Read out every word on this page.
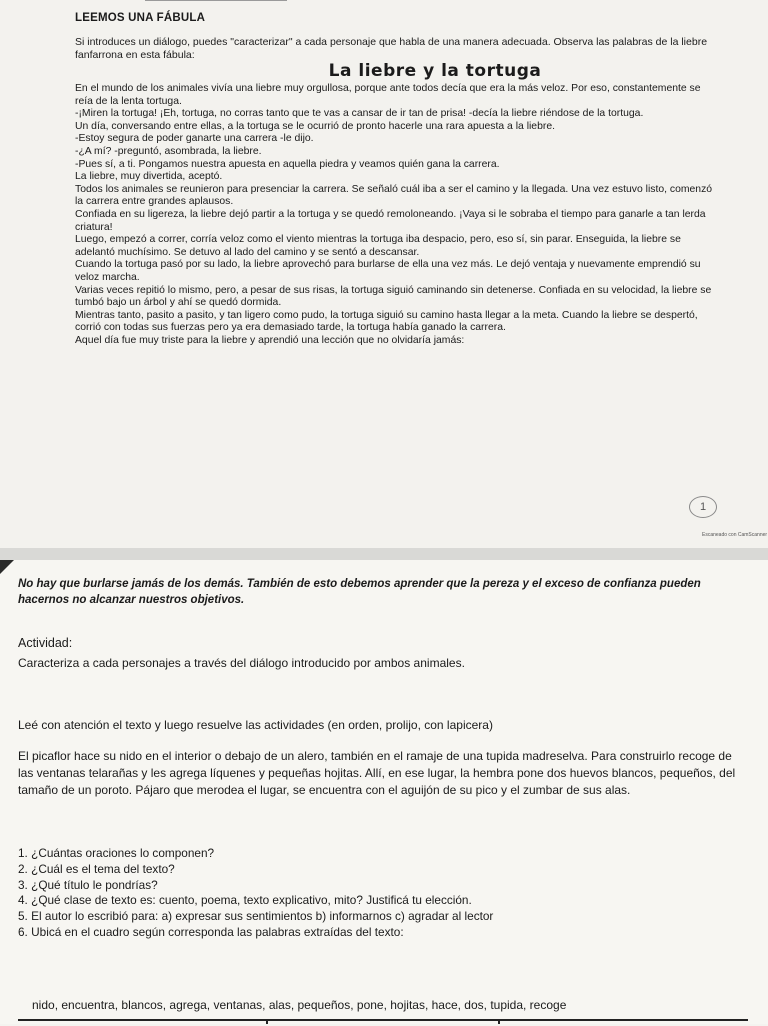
LEEMOS UNA FÁBULA

Si introduces un diálogo, puedes "caracterizar" a cada personaje que habla de una manera adecuada. Observa las palabras de la liebre fanfarrona en esta fábula:

La liebre y la tortuga

En el mundo de los animales vivía una liebre muy orgullosa, porque ante todos decía que era la más veloz. Por eso, constantemente se reía de la lenta tortuga.

-¡Miren la tortuga! ¡Eh, tortuga, no corras tanto que te vas a cansar de ir tan de prisa! -decía la liebre riéndose de la tortuga.

Un día, conversando entre ellas, a la tortuga se le ocurrió de pronto hacerle una rara apuesta a la liebre.

-Estoy segura de poder ganarte una carrera -le dijo.

-¿A mí? -preguntó, asombrada, la liebre.

-Pues sí, a ti. Pongamos nuestra apuesta en aquella piedra y veamos quién gana la carrera.

La liebre, muy divertida, aceptó.

Todos los animales se reunieron para presenciar la carrera. Se señaló cuál iba a ser el camino y la llegada. Una vez estuvo listo, comenzó la carrera entre grandes aplausos.

Confiada en su ligereza, la liebre dejó partir a la tortuga y se quedó remoloneando. ¡Vaya si le sobraba el tiempo para ganarle a tan lerda criatura!

Luego, empezó a correr, corría veloz como el viento mientras la tortuga iba despacio, pero, eso sí, sin parar. Enseguida, la liebre se adelantó muchísimo. Se detuvo al lado del camino y se sentó a descansar.

Cuando la tortuga pasó por su lado, la liebre aprovechó para burlarse de ella una vez más. Le dejó ventaja y nuevamente emprendió su veloz marcha.

Varias veces repitió lo mismo, pero, a pesar de sus risas, la tortuga siguió caminando sin detenerse. Confiada en su velocidad, la liebre se tumbó bajo un árbol y ahí se quedó dormida.

Mientras tanto, pasito a pasito, y tan ligero como pudo, la tortuga siguió su camino hasta llegar a la meta. Cuando la liebre se despertó, corrió con todas sus fuerzas pero ya era demasiado tarde, la tortuga había ganado la carrera.

Aquel día fue muy triste para la liebre y aprendió una lección que no olvidaría jamás:

1
Escaneado con CamScanner

No hay que burlarse jamás de los demás. También de esto debemos aprender que la pereza y el exceso de confianza pueden hacernos no alcanzar nuestros objetivos.

Actividad:

Caracteriza a cada personajes a través del diálogo introducido por ambos animales.

Leé con atención el texto y luego resuelve las actividades (en orden, prolijo, con lapicera)

El picaflor hace su nido en el interior o debajo de un alero, también en el ramaje de una tupida madreselva. Para construirlo recoge de las ventanas telarañas y les agrega líquenes y pequeñas hojitas. Allí, en ese lugar, la hembra pone dos huevos blancos, pequeños, del tamaño de un poroto. Pájaro que merodea el lugar, se encuentra con el aguijón de su pico y el zumbar de sus alas.

1. ¿Cuántas oraciones lo componen?
2. ¿Cuál es el tema del texto?
3. ¿Qué título le pondrías?
4. ¿Qué clase de texto es: cuento, poema, texto explicativo, mito? Justificá tu elección.
5. El autor lo escribió para: a) expresar sus sentimientos b) informarnos c) agradar al lector
6. Ubicá en el cuadro según corresponda las palabras extraídas del texto:

nido, encuentra, blancos, agrega, ventanas, alas, pequeños, pone, hojitas, hace, dos, tupida, recoge
